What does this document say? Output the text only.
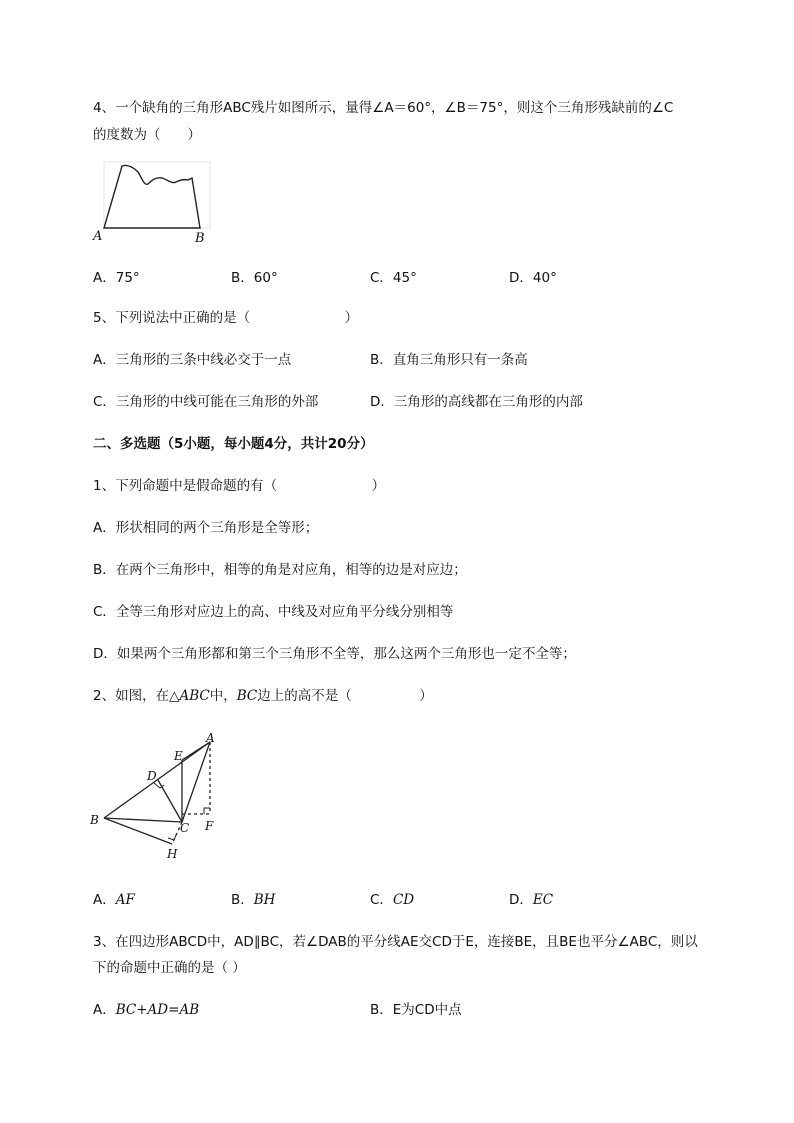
4、一个缺角的三角形ABC残片如图所示，量得∠A＝60°，∠B＝75°，则这个三角形残缺前的∠C
的度数为（　　）
A	B
A．75°	B．60°	C．45°	D．40°
5、下列说法中正确的是（　　　　　　　）
A．三角形的三条中线必交于一点	B．直角三角形只有一条高
C．三角形的中线可能在三角形的外部	D．三角形的高线都在三角形的内部
二、多选题（5小题，每小题4分，共计20分）
1、下列命题中是假命题的有（　　　　　　　）
A．形状相同的两个三角形是全等形；
B．在两个三角形中，相等的角是对应角，相等的边是对应边；
C．全等三角形对应边上的高、中线及对应角平分线分别相等
D．如果两个三角形都和第三个三角形不全等，那么这两个三角形也一定不全等；
2、如图，在△ABC中，BC边上的高不是（　　　　　）
A
B
C
D
E
F
H
A．AF	B．BH	C．CD	D．EC
3、在四边形ABCD中，AD∥BC，若∠DAB的平分线AE交CD于E，连接BE，且BE也平分∠ABC，则以
下的命题中正确的是（ ）
A．BC+AD=AB	B．E为CD中点
